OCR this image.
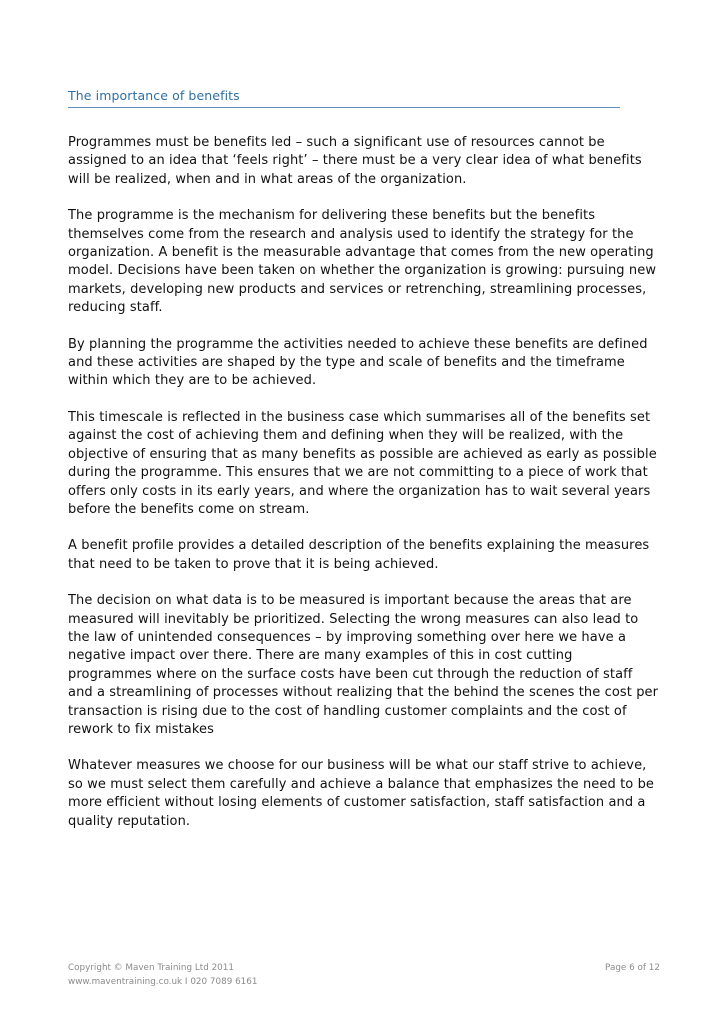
The importance of benefits

Programmes must be benefits led – such a significant use of resources cannot be assigned to an idea that ‘feels right’ – there must be a very clear idea of what benefits will be realized, when and in what areas of the organization.

The programme is the mechanism for delivering these benefits but the benefits themselves come from the research and analysis used to identify the strategy for the organization. A benefit is the measurable advantage that comes from the new operating model. Decisions have been taken on whether the organization is growing: pursuing new markets, developing new products and services or retrenching, streamlining processes, reducing staff.

By planning the programme the activities needed to achieve these benefits are defined and these activities are shaped by the type and scale of benefits and the timeframe within which they are to be achieved.

This timescale is reflected in the business case which summarises all of the benefits set against the cost of achieving them and defining when they will be realized, with the objective of ensuring that as many benefits as possible are achieved as early as possible during the programme. This ensures that we are not committing to a piece of work that offers only costs in its early years, and where the organization has to wait several years before the benefits come on stream.

A benefit profile provides a detailed description of the benefits explaining the measures that need to be taken to prove that it is being achieved.

The decision on what data is to be measured is important because the areas that are measured will inevitably be prioritized. Selecting the wrong measures can also lead to the law of unintended consequences – by improving something over here we have a negative impact over there. There are many examples of this in cost cutting programmes where on the surface costs have been cut through the reduction of staff and a streamlining of processes without realizing that the behind the scenes the cost per transaction is rising due to the cost of handling customer complaints and the cost of rework to fix mistakes

Whatever measures we choose for our business will be what our staff strive to achieve, so we must select them carefully and achieve a balance that emphasizes the need to be more efficient without losing elements of customer satisfaction, staff satisfaction and a quality reputation.

Copyright © Maven Training Ltd 2011
www.maventraining.co.uk I 020 7089 6161
Page 6 of 12
